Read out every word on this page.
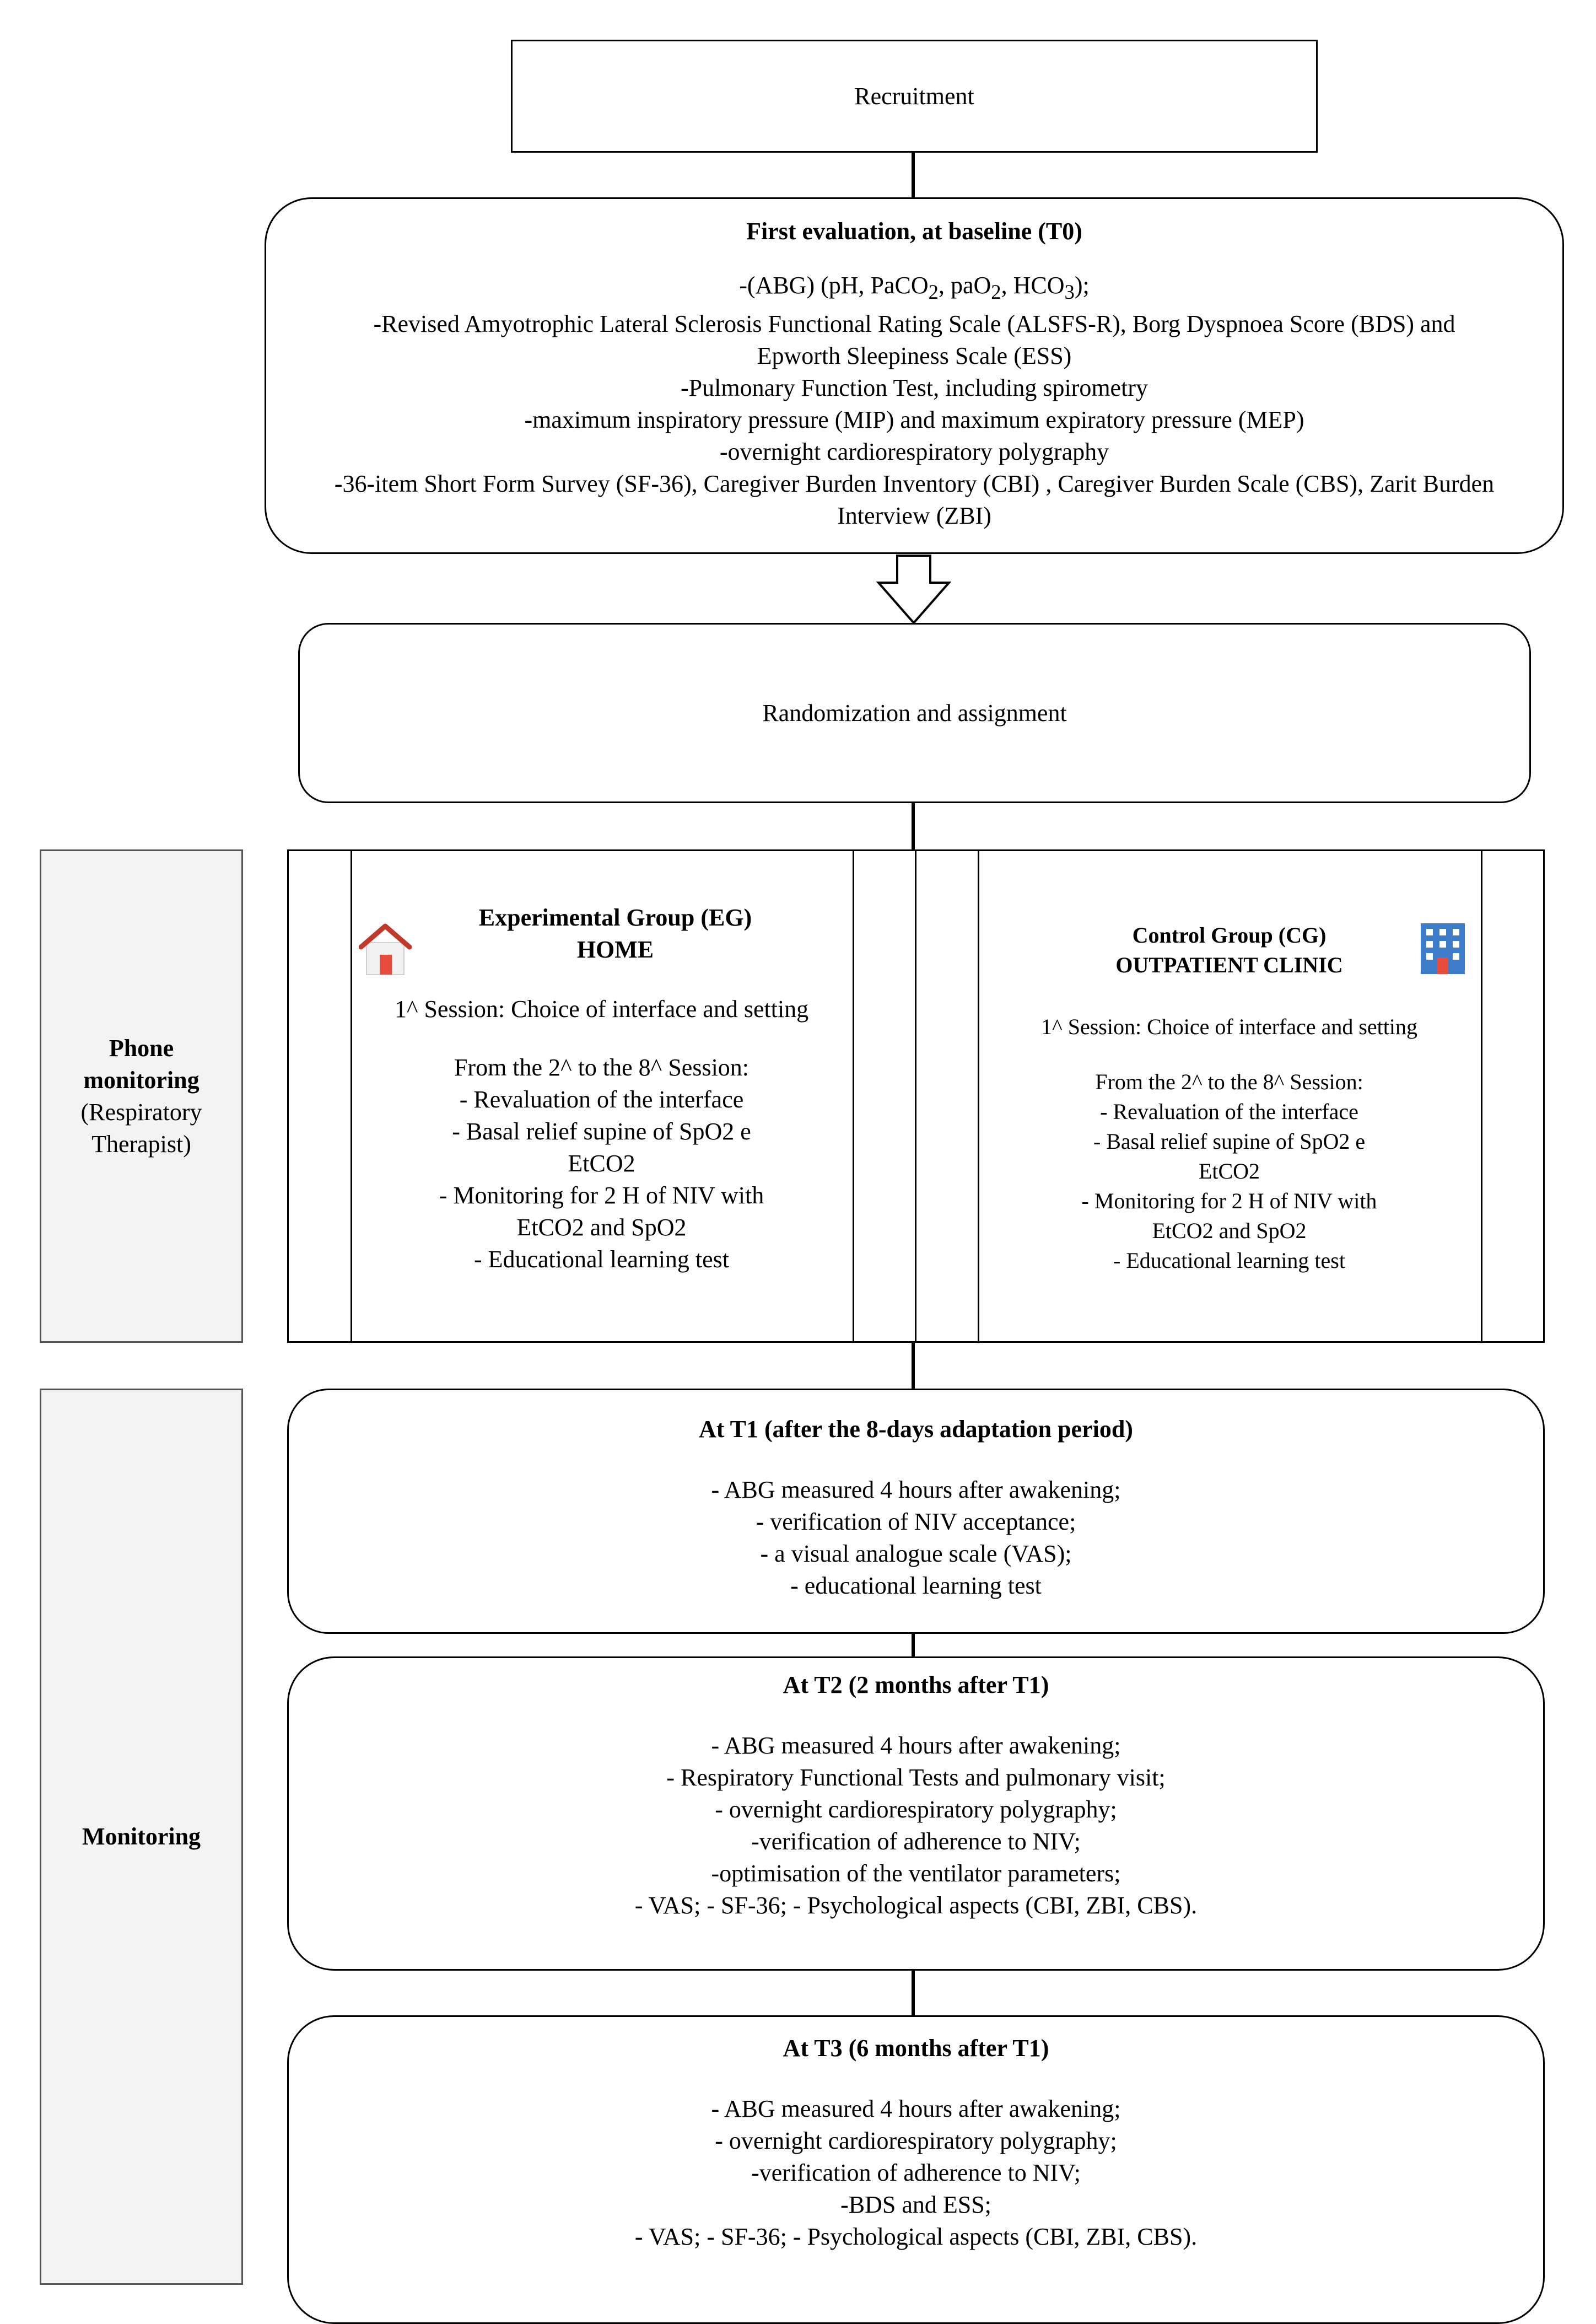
Recruitment
First evaluation, at baseline (T0)
-(ABG) (pH, PaCO$_2$, paO$_2$, $HCO_3$);
-Revised Amyotrophic Lateral Sclerosis Functional Rating Scale (ALSFS-R), Borg Dyspnoea Score (BDS) and
Epworth Sleepiness Scale (ESS)
-Pulmonary Function Test, including spirometry
-maximum inspiratory pressure (MIP) and maximum expiratory pressure (MEP)
-overnight cardiorespiratory polygraphy
-36-item Short Form Survey (SF-36), Caregiver Burden Inventory (CBI) , Caregiver Burden Scale (CBS), Zarit Burden
Interview (ZBI)
Randomization and assignment
Phone
monitoring
(Respiratory
Therapist)
Experimental Group (EG)
HOME
1^ Session: Choice of interface and setting
From the 2^ to the 8^ Session:
- Revaluation of the interface
- Basal relief supine of SpO2 e
EtCO2
- Monitoring for 2 H of NIV with
EtCO2 and SpO2
- Educational learning test
Control Group (CG)
OUTPATIENT CLINIC
1^ Session: Choice of interface and setting
From the 2^ to the 8^ Session:
- Revaluation of the interface
- Basal relief supine of SpO2 e
EtCO2
- Monitoring for 2 H of NIV with
EtCO2 and SpO2
- Educational learning test
Monitoring
At T1 (after the 8-days adaptation period)
- ABG measured 4 hours after awakening;
- verification of NIV acceptance;
- a visual analogue scale (VAS);
- educational learning test
At T2 (2 months after T1)
- ABG measured 4 hours after awakening;
- Respiratory Functional Tests and pulmonary visit;
- overnight cardiorespiratory polygraphy;
-verification of adherence to NIV;
-optimisation of the ventilator parameters;
- VAS; - SF-36; - Psychological aspects (CBI, ZBI, CBS).
At T3 (6 months after T1)
- ABG measured 4 hours after awakening;
- overnight cardiorespiratory polygraphy;
-verification of adherence to NIV;
-BDS and ESS;
- VAS; - SF-36; - Psychological aspects (CBI, ZBI, CBS).
